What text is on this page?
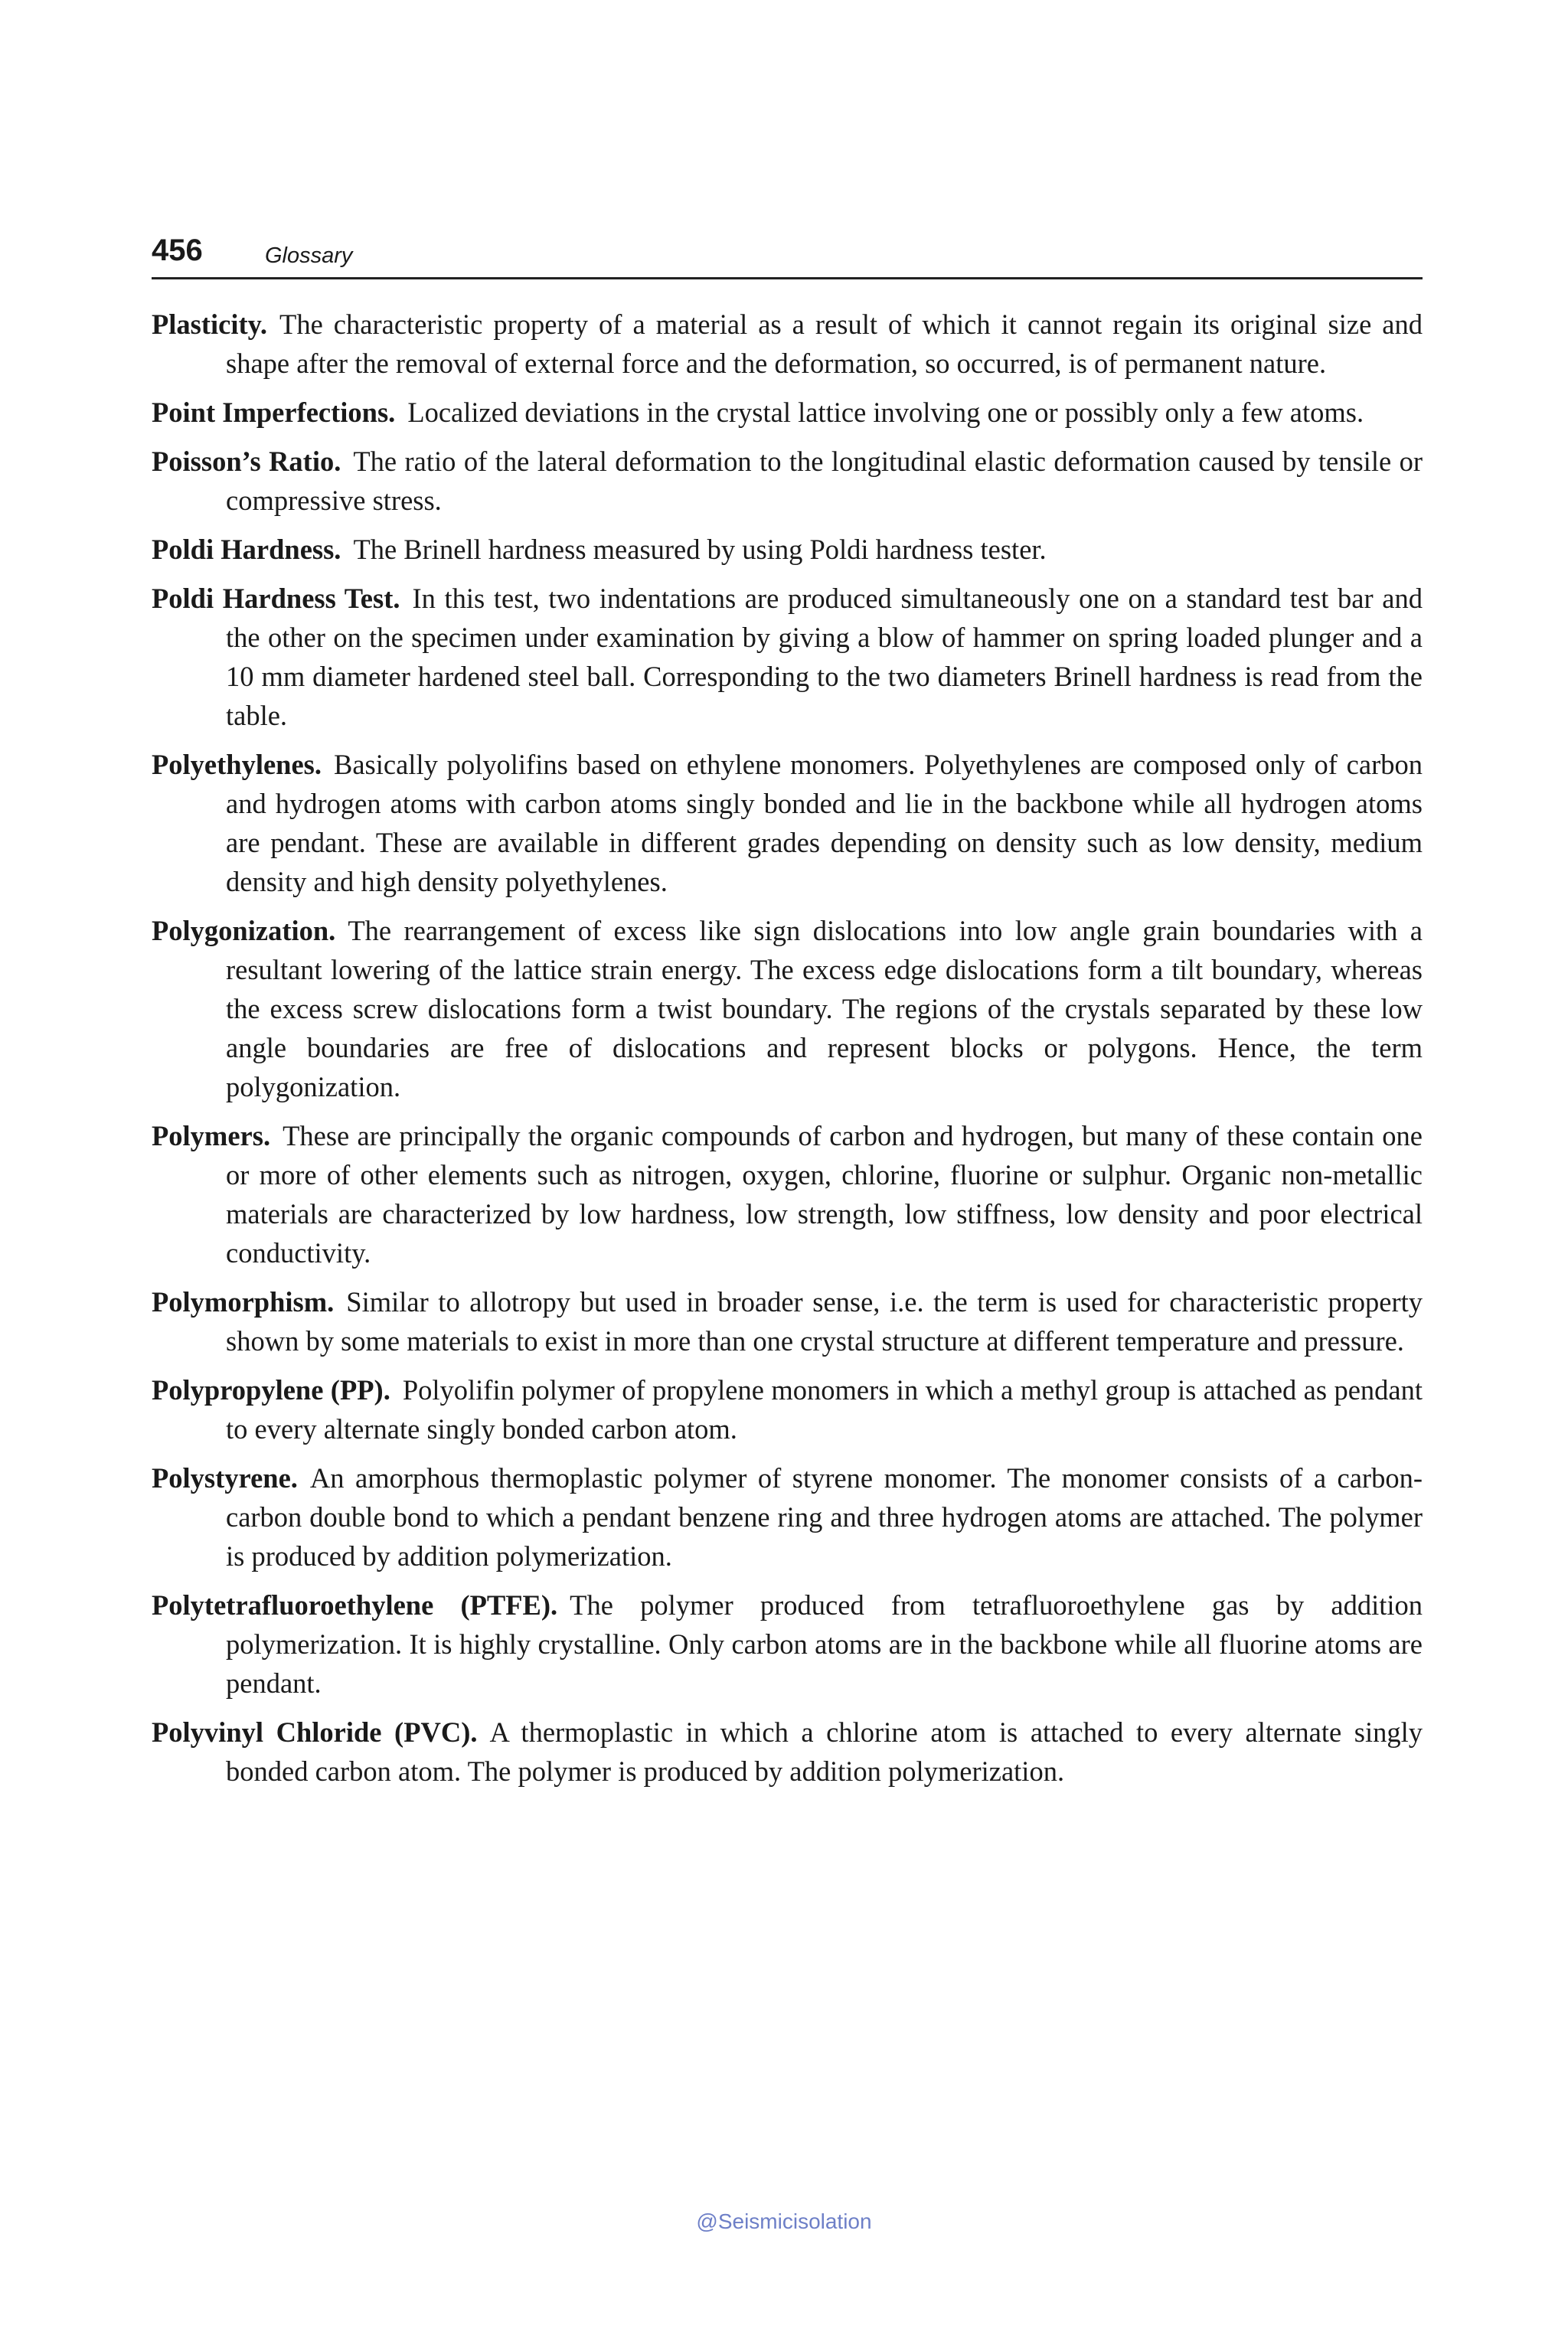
456	Glossary

Plasticity. The characteristic property of a material as a result of which it cannot regain its original size and shape after the removal of external force and the deformation, so occurred, is of permanent nature.

Point Imperfections. Localized deviations in the crystal lattice involving one or possibly only a few atoms.

Poisson’s Ratio. The ratio of the lateral deformation to the longitudinal elastic deformation caused by tensile or compressive stress.

Poldi Hardness. The Brinell hardness measured by using Poldi hardness tester.

Poldi Hardness Test. In this test, two indentations are produced simultaneously one on a standard test bar and the other on the specimen under examination by giving a blow of hammer on spring loaded plunger and a 10 mm diameter hardened steel ball. Corresponding to the two diameters Brinell hardness is read from the table.

Polyethylenes. Basically polyolifins based on ethylene monomers. Polyethylenes are composed only of carbon and hydrogen atoms with carbon atoms singly bonded and lie in the backbone while all hydrogen atoms are pendant. These are available in different grades depending on density such as low density, medium density and high density polyethylenes.

Polygonization. The rearrangement of excess like sign dislocations into low angle grain boundaries with a resultant lowering of the lattice strain energy. The excess edge dislocations form a tilt boundary, whereas the excess screw dislocations form a twist boundary. The regions of the crystals separated by these low angle boundaries are free of dislocations and represent blocks or polygons. Hence, the term polygonization.

Polymers. These are principally the organic compounds of carbon and hydrogen, but many of these contain one or more of other elements such as nitrogen, oxygen, chlorine, fluorine or sulphur. Organic non-metallic materials are characterized by low hardness, low strength, low stiffness, low density and poor electrical conductivity.

Polymorphism. Similar to allotropy but used in broader sense, i.e. the term is used for characteristic property shown by some materials to exist in more than one crystal structure at different temperature and pressure.

Polypropylene (PP). Polyolifin polymer of propylene monomers in which a methyl group is attached as pendant to every alternate singly bonded carbon atom.

Polystyrene. An amorphous thermoplastic polymer of styrene monomer. The monomer consists of a carbon-carbon double bond to which a pendant benzene ring and three hydrogen atoms are attached. The polymer is produced by addition polymerization.

Polytetrafluoroethylene (PTFE). The polymer produced from tetrafluoroethylene gas by addition polymerization. It is highly crystalline. Only carbon atoms are in the backbone while all fluorine atoms are pendant.

Polyvinyl Chloride (PVC). A thermoplastic in which a chlorine atom is attached to every alternate singly bonded carbon atom. The polymer is produced by addition polymerization.

@Seismicisolation
